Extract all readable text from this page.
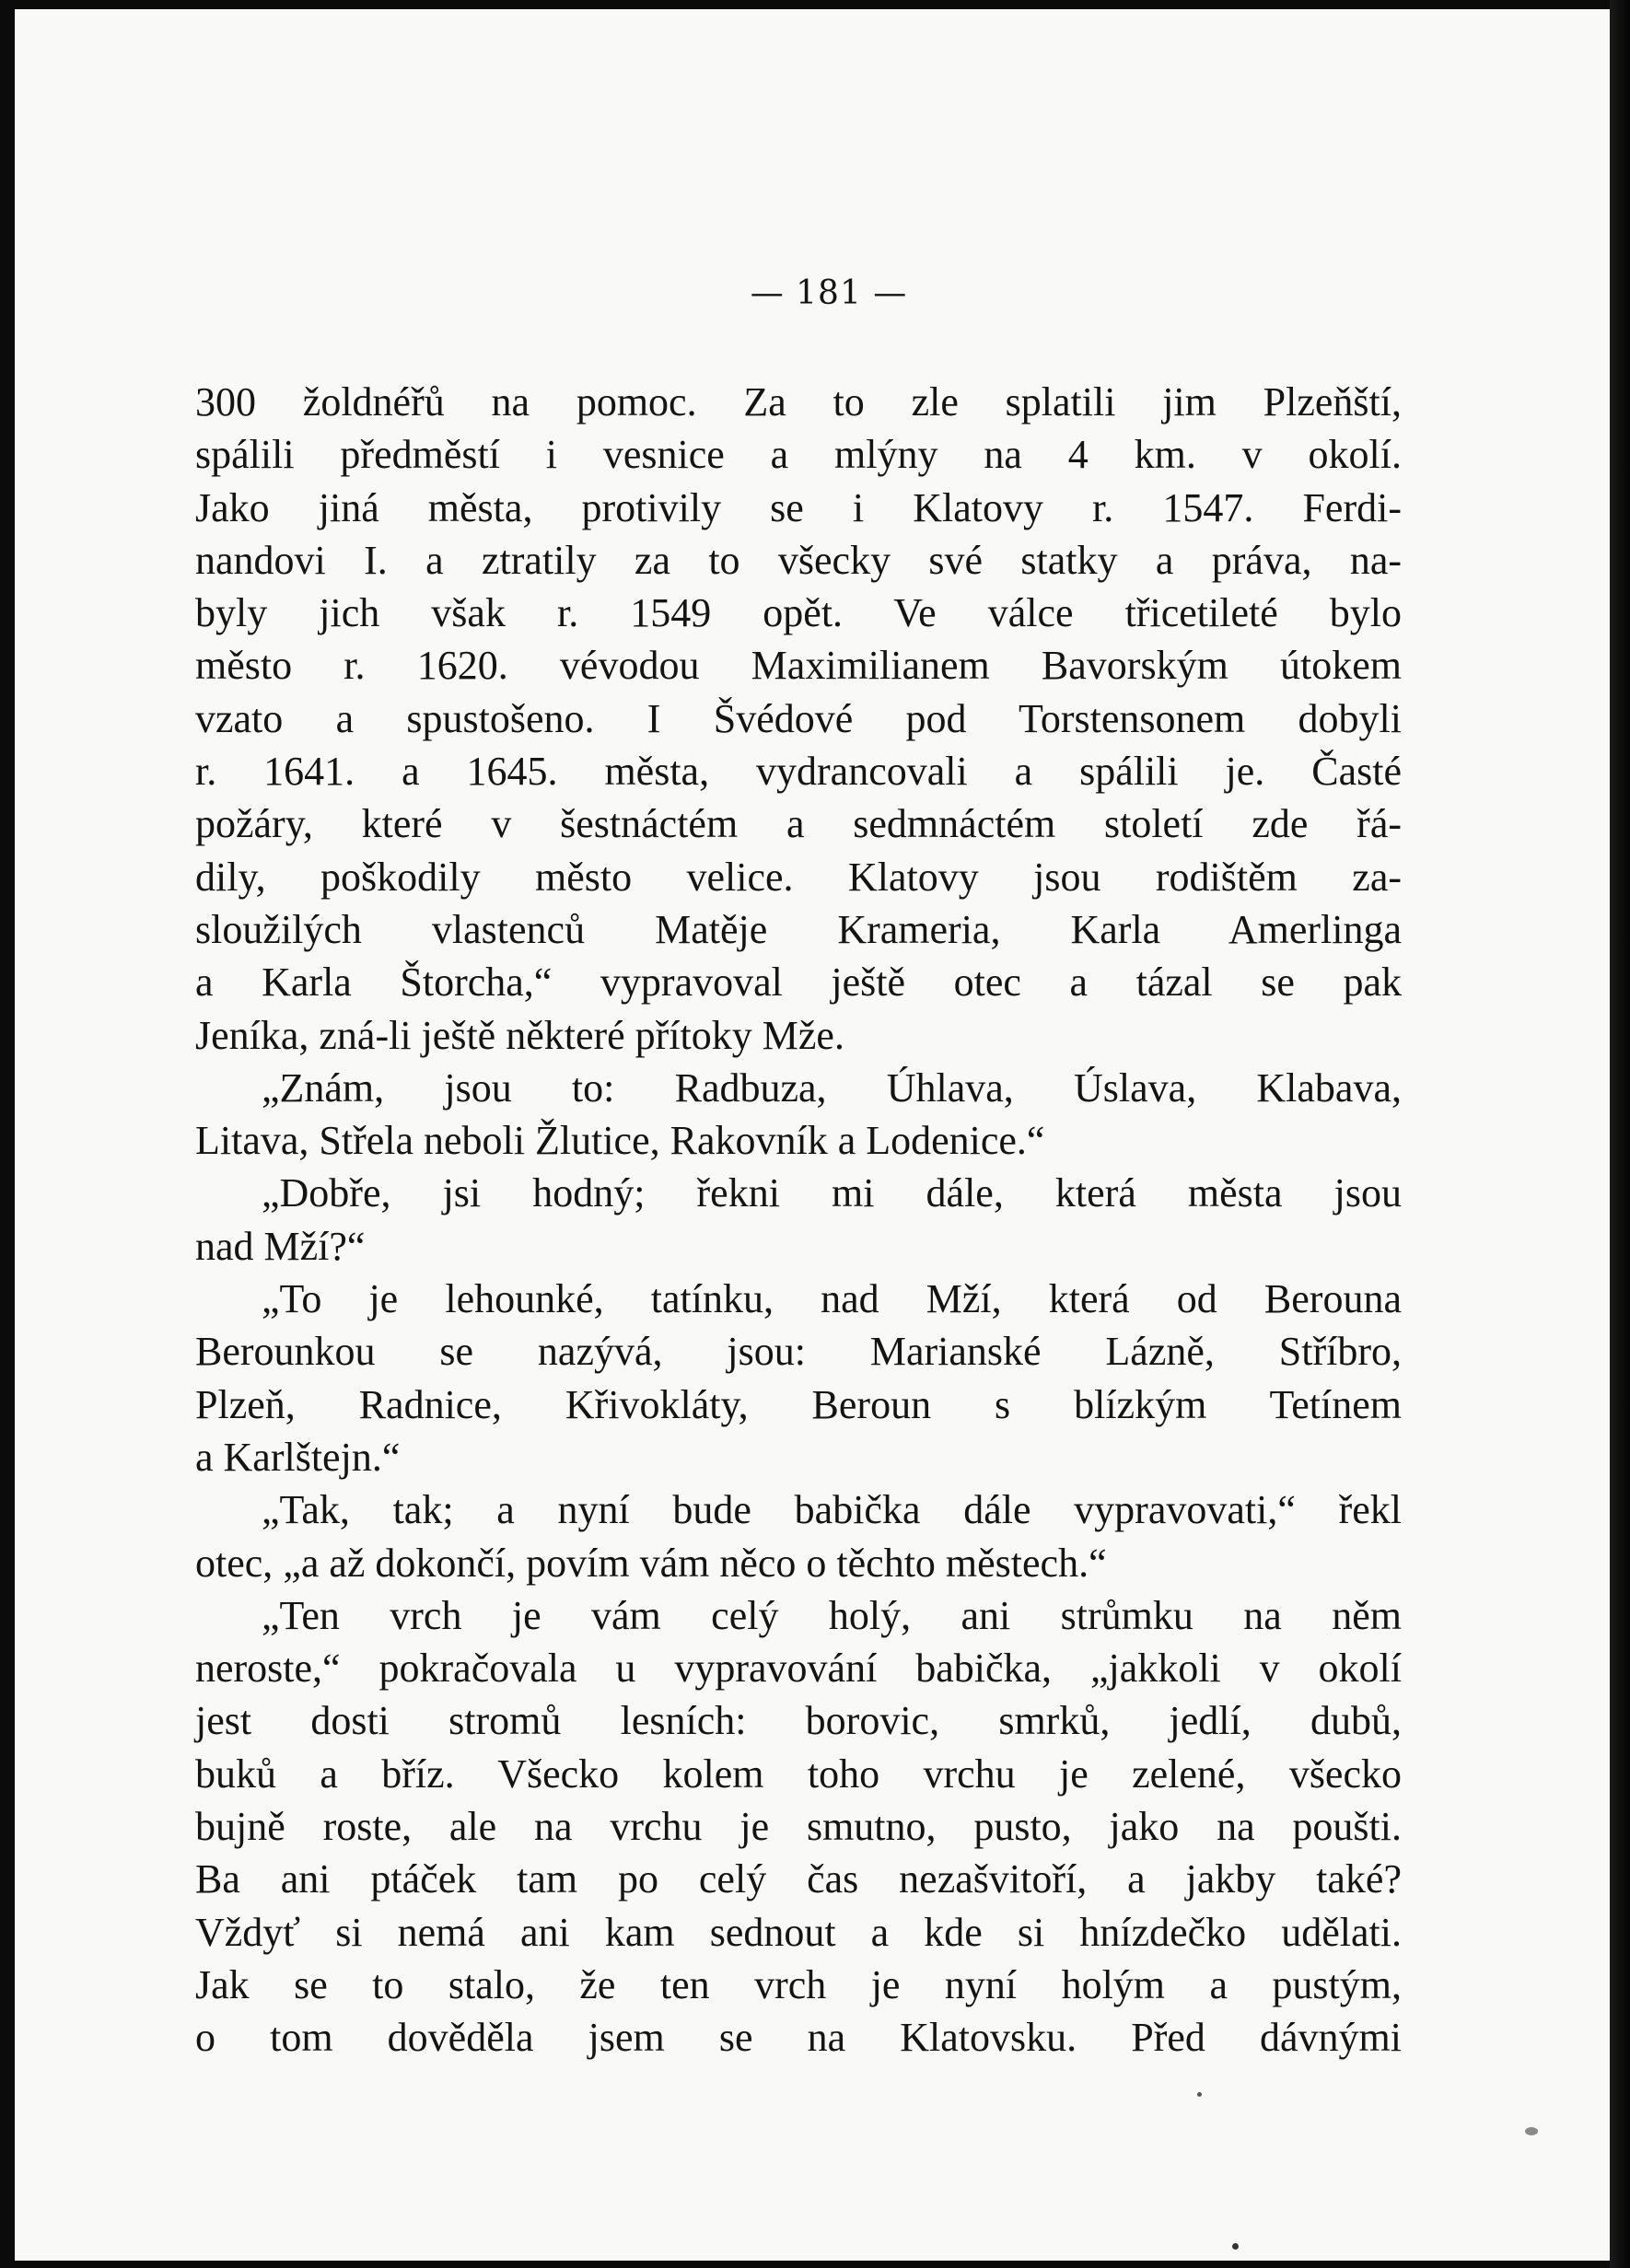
— 181 —
300 žoldnéřů na pomoc. Za to zle splatili jim Plzeňští,
spálili předměstí i vesnice a mlýny na 4 km. v okolí.
Jako jiná města, protivily se i Klatovy r. 1547. Ferdi-
nandovi I. a ztratily za to všecky své statky a práva, na-
byly jich však r. 1549 opět. Ve válce třicetileté bylo
město r. 1620. vévodou Maximilianem Bavorským útokem
vzato a spustošeno. I Švédové pod Torstensonem dobyli
r. 1641. a 1645. města, vydrancovali a spálili je. Časté
požáry, které v šestnáctém a sedmnáctém století zde řá-
dily, poškodily město velice. Klatovy jsou rodištěm za-
sloužilých vlastenců Matěje Krameria, Karla Amerlinga
a Karla Štorcha,“ vypravoval ještě otec a tázal se pak
Jeníka, zná-li ještě některé přítoky Mže.
„Znám, jsou to: Radbuza, Úhlava, Úslava, Klabava,
Litava, Střela neboli Žlutice, Rakovník a Lodenice.“
„Dobře, jsi hodný; řekni mi dále, která města jsou
nad Mží?“
„To je lehounké, tatínku, nad Mží, která od Berouna
Berounkou se nazývá, jsou: Marianské Lázně, Stříbro,
Plzeň, Radnice, Křivokláty, Beroun s blízkým Tetínem
a Karlštejn.“
„Tak, tak; a nyní bude babička dále vypravovati,“ řekl
otec, „a až dokončí, povím vám něco o těchto městech.“
„Ten vrch je vám celý holý, ani strůmku na něm
neroste,“ pokračovala u vypravování babička, „jakkoli v okolí
jest dosti stromů lesních: borovic, smrků, jedlí, dubů,
buků a bříz. Všecko kolem toho vrchu je zelené, všecko
bujně roste, ale na vrchu je smutno, pusto, jako na poušti.
Ba ani ptáček tam po celý čas nezašvitoří, a jakby také?
Vždyť si nemá ani kam sednout a kde si hnízdečko udělati.
Jak se to stalo, že ten vrch je nyní holým a pustým,
o tom dověděla jsem se na Klatovsku. Před dávnými
